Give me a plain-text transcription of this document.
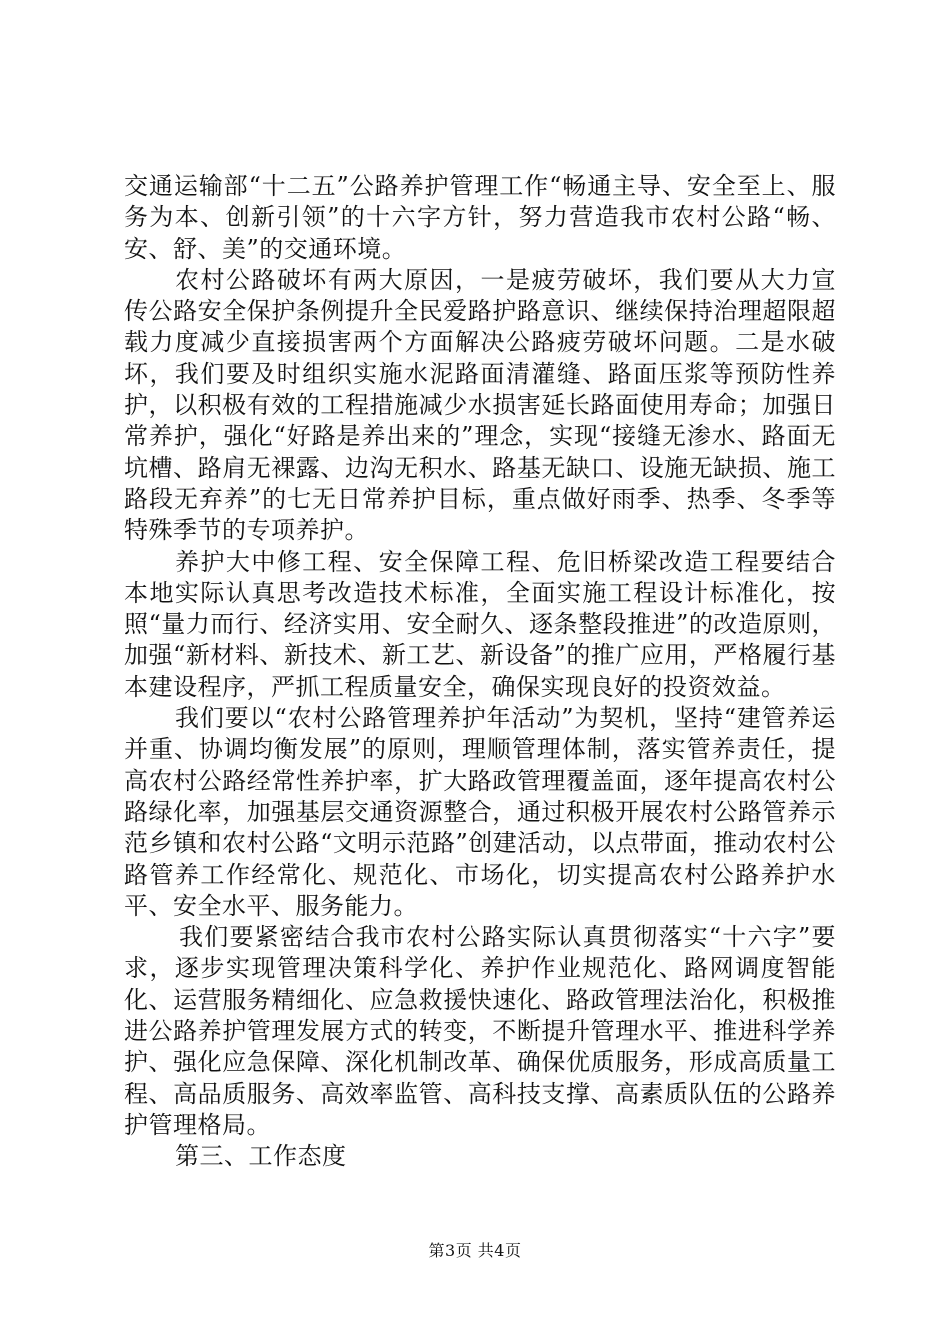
交通运输部“十二五”公路养护管理工作“畅通主导、安全至上、服务为本、创新引领”的十六字方针，努力营造我市农村公路“畅、安、舒、美”的交通环境。

农村公路破坏有两大原因，一是疲劳破坏，我们要从大力宣传公路安全保护条例提升全民爱路护路意识、继续保持治理超限超载力度减少直接损害两个方面解决公路疲劳破坏问题。二是水破坏，我们要及时组织实施水泥路面清灌缝、路面压浆等预防性养护，以积极有效的工程措施减少水损害延长路面使用寿命；加强日常养护，强化“好路是养出来的”理念，实现“接缝无渗水、路面无坑槽、路肩无裸露、边沟无积水、路基无缺口、设施无缺损、施工路段无弃养”的七无日常养护目标，重点做好雨季、热季、冬季等特殊季节的专项养护。

养护大中修工程、安全保障工程、危旧桥梁改造工程要结合本地实际认真思考改造技术标准，全面实施工程设计标准化，按照“量力而行、经济实用、安全耐久、逐条整段推进”的改造原则，加强“新材料、新技术、新工艺、新设备”的推广应用，严格履行基本建设程序，严抓工程质量安全，确保实现良好的投资效益。

我们要以“农村公路管理养护年活动”为契机，坚持“建管养运并重、协调均衡发展”的原则，理顺管理体制，落实管养责任，提高农村公路经常性养护率，扩大路政管理覆盖面，逐年提高农村公路绿化率，加强基层交通资源整合，通过积极开展农村公路管养示范乡镇和农村公路“文明示范路”创建活动，以点带面，推动农村公路管养工作经常化、规范化、市场化，切实提高农村公路养护水平、安全水平、服务能力。

我们要紧密结合我市农村公路实际认真贯彻落实“十六字”要求，逐步实现管理决策科学化、养护作业规范化、路网调度智能化、运营服务精细化、应急救援快速化、路政管理法治化，积极推进公路养护管理发展方式的转变，不断提升管理水平、推进科学养护、强化应急保障、深化机制改革、确保优质服务，形成高质量工程、高品质服务、高效率监管、高科技支撑、高素质队伍的公路养护管理格局。

第三、工作态度

第3页 共4页
